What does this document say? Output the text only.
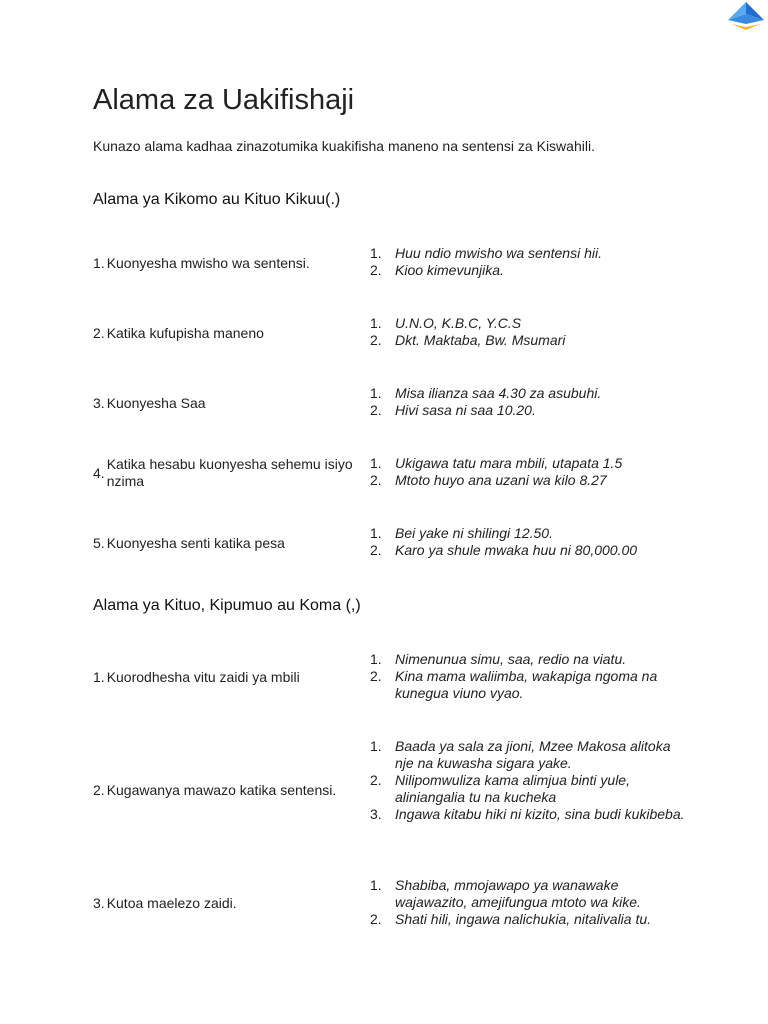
Alama za Uakifishaji

Kunazo alama kadhaa zinazotumika kuakifisha maneno na sentensi za Kiswahili.

Alama ya Kikomo au Kituo Kikuu(.)
1. Kuonyesha mwisho wa sentensi.
1. Huu ndio mwisho wa sentensi hii.
2. Kioo kimevunjika.
2. Katika kufupisha maneno
1. U.N.O, K.B.C, Y.C.S
2. Dkt. Maktaba, Bw. Msumari
3. Kuonyesha Saa
1. Misa ilianza saa 4.30 za asubuhi.
2. Hivi sasa ni saa 10.20.
4.
Katika hesabu kuonyesha sehemu isiyo nzima
1. Ukigawa tatu mara mbili, utapata 1.5
2. Mtoto huyo ana uzani wa kilo 8.27
5. Kuonyesha senti katika pesa
1. Bei yake ni shilingi 12.50.
2. Karo ya shule mwaka huu ni 80,000.00
Alama ya Kituo, Kipumuo au Koma (,)
1. Kuorodhesha vitu zaidi ya mbili
1. Nimenunua simu, saa, redio na viatu.
2. Kina mama waliimba, wakapiga ngoma na kunegua viuno vyao.
2. Kugawanya mawazo katika sentensi.
1. Baada ya sala za jioni, Mzee Makosa alitoka nje na kuwasha sigara yake.
2. Nilipomwuliza kama alimjua binti yule, aliniangalia tu na kucheka
3. Ingawa kitabu hiki ni kizito, sina budi kukibeba.
3. Kutoa maelezo zaidi.
1. Shabiba, mmojawapo ya wanawake wajawazito, amejifungua mtoto wa kike.
2. Shati hili, ingawa nalichukia, nitalivalia tu.
